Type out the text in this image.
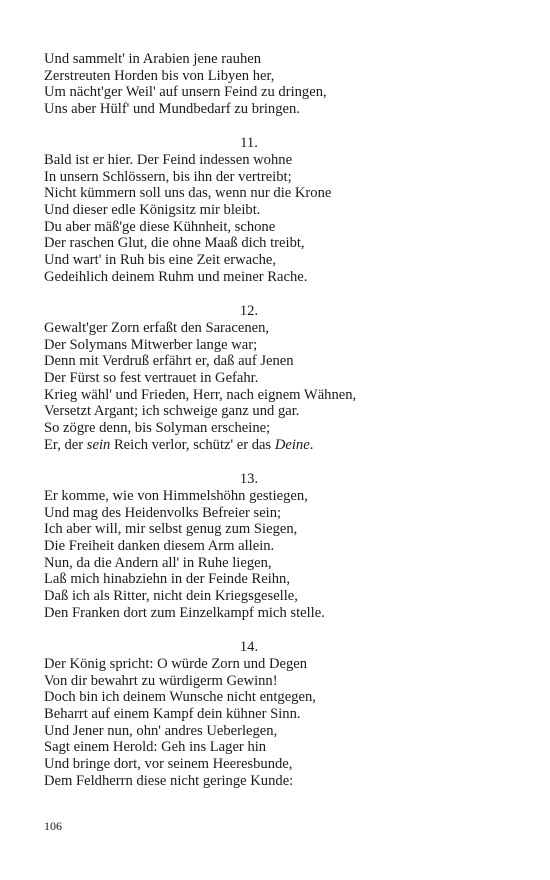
Und sammelt' in Arabien jene rauhen
Zerstreuten Horden bis von Libyen her,
Um nächt'ger Weil' auf unsern Feind zu dringen,
Uns aber Hülf' und Mundbedarf zu bringen.
11.
Bald ist er hier. Der Feind indessen wohne
In unsern Schlössern, bis ihn der vertreibt;
Nicht kümmern soll uns das, wenn nur die Krone
Und dieser edle Königsitz mir bleibt.
Du aber mäß'ge diese Kühnheit, schone
Der raschen Glut, die ohne Maaß dich treibt,
Und wart' in Ruh bis eine Zeit erwache,
Gedeihlich deinem Ruhm und meiner Rache.
12.
Gewalt'ger Zorn erfaßt den Saracenen,
Der Solymans Mitwerber lange war;
Denn mit Verdruß erfährt er, daß auf Jenen
Der Fürst so fest vertrauet in Gefahr.
Krieg wähl' und Frieden, Herr, nach eignem Wähnen,
Versetzt Argant; ich schweige ganz und gar.
So zögre denn, bis Solyman erscheine;
Er, der sein Reich verlor, schütz' er das Deine.
13.
Er komme, wie von Himmelshöhn gestiegen,
Und mag des Heidenvolks Befreier sein;
Ich aber will, mir selbst genug zum Siegen,
Die Freiheit danken diesem Arm allein.
Nun, da die Andern all' in Ruhe liegen,
Laß mich hinabziehn in der Feinde Reihn,
Daß ich als Ritter, nicht dein Kriegsgeselle,
Den Franken dort zum Einzelkampf mich stelle.
14.
Der König spricht: O würde Zorn und Degen
Von dir bewahrt zu würdigerm Gewinn!
Doch bin ich deinem Wunsche nicht entgegen,
Beharrt auf einem Kampf dein kühner Sinn.
Und Jener nun, ohn' andres Ueberlegen,
Sagt einem Herold: Geh ins Lager hin
Und bringe dort, vor seinem Heeresbunde,
Dem Feldherrn diese nicht geringe Kunde:
106
